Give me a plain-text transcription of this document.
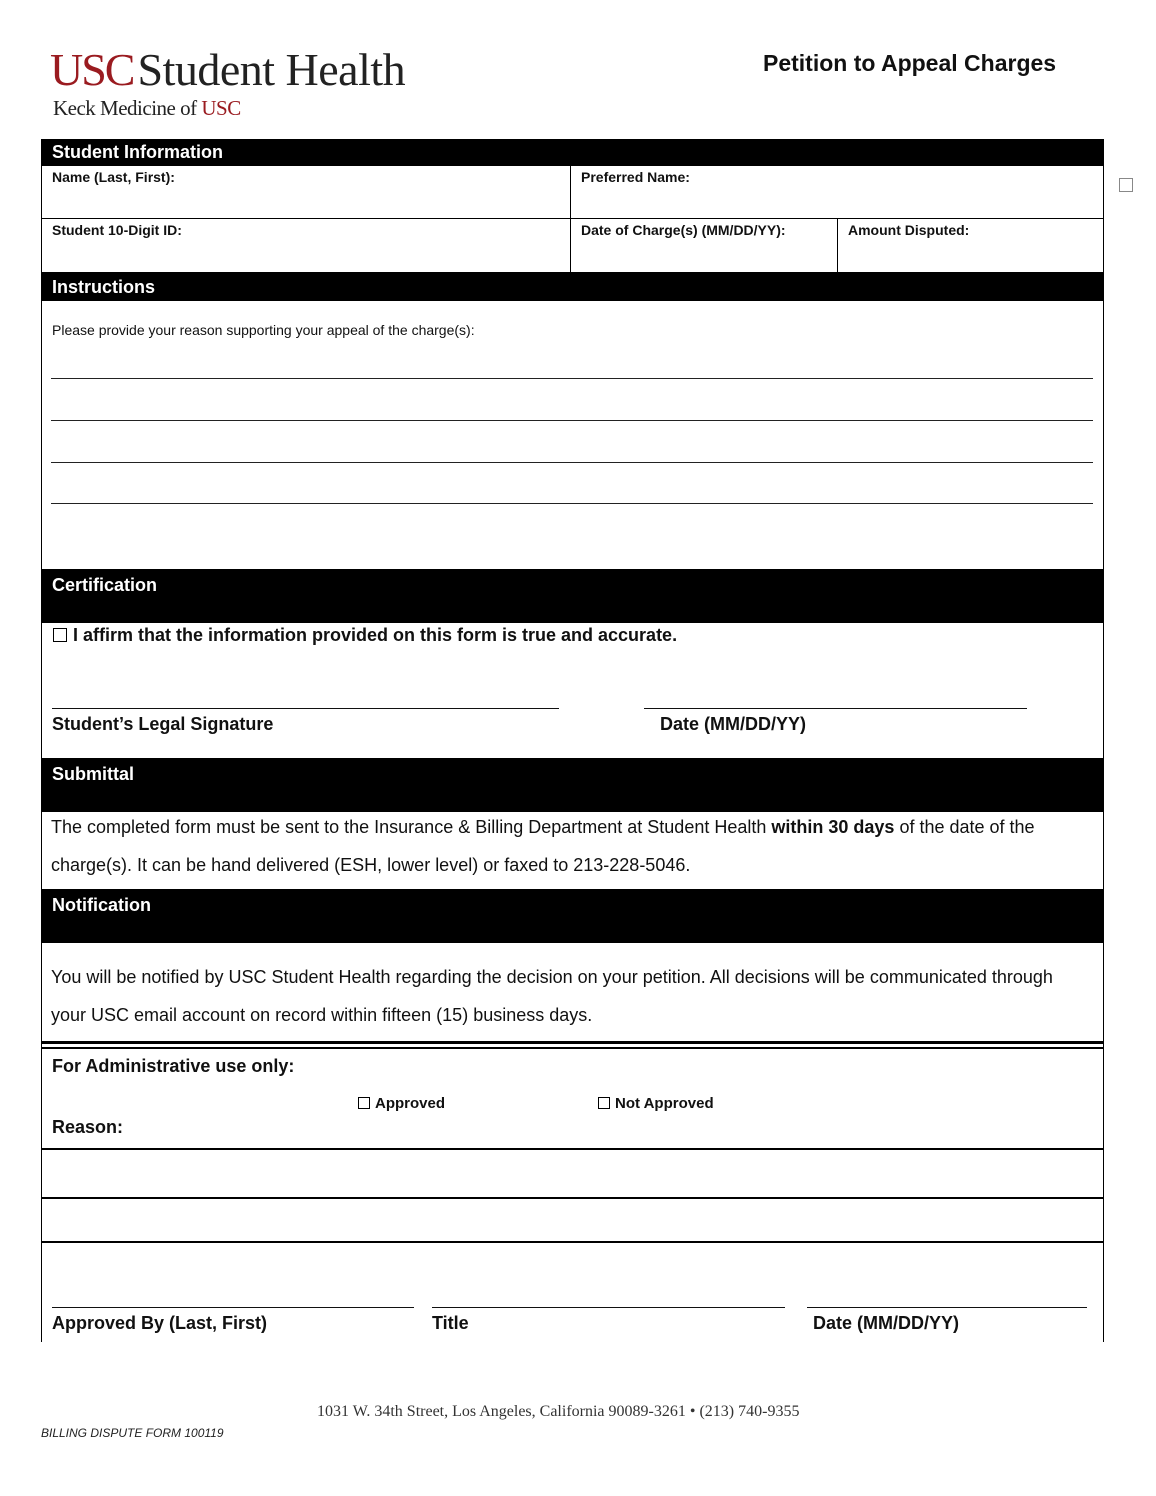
USCStudent Health
Keck Medicine of USC
Petition to Appeal Charges
Student Information
Name (Last, First):	Preferred Name:
Student 10-Digit ID:	Date of Charge(s) (MM/DD/YY):	Amount Disputed:
Instructions
Please provide your reason supporting your appeal of the charge(s):
Certification
I affirm that the information provided on this form is true and accurate.
Student’s Legal Signature	Date (MM/DD/YY)
Submittal
The completed form must be sent to the Insurance & Billing Department at Student Health within 30 days of the date of the charge(s). It can be hand delivered (ESH, lower level) or faxed to 213-228-5046.
Notification
You will be notified by USC Student Health regarding the decision on your petition. All decisions will be communicated through your USC email account on record within fifteen (15) business days.
For Administrative use only:
Approved	Not Approved
Reason:
Approved By (Last, First)	Title	Date (MM/DD/YY)
1031 W. 34th Street, Los Angeles, California 90089-3261 • (213) 740-9355
BILLING DISPUTE FORM 100119
